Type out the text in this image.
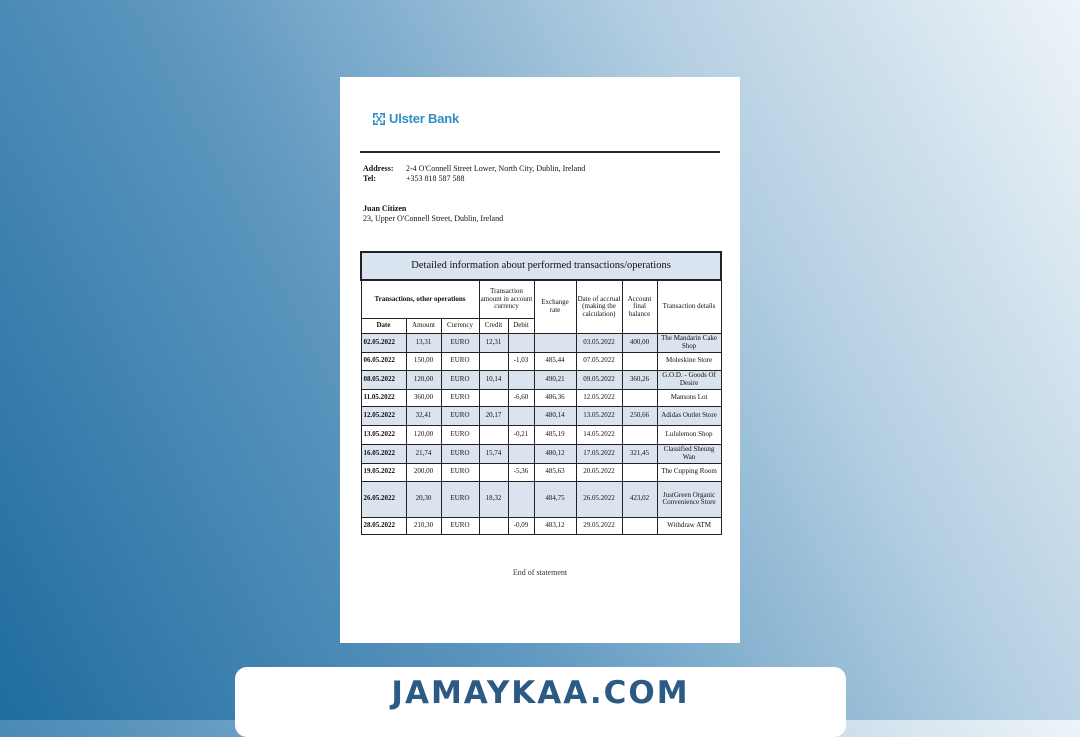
Ulster Bank
Address:	2-4 O'Connell Street Lower, North City, Dublin, Ireland
Tel:	+353 818 587 588
Juan Citizen
23, Upper O'Connell Street, Dublin, Ireland
Detailed information about performed transactions/operations								
Transactions, other operations			Transaction amount in account currency		Exchange rate	Date of accrual (making the calculation)	Account final balance	Transaction details
Date	Amount	Currency	Credit	Debit				
02.05.2022	13,31	EURO	12,31			03.05.2022	400,00	The Mandarin Cake Shop
06.05.2022	150,00	EURO		-1,03	485,44	07.05.2022		Moleskine Store
08.05.2022	120,00	EURO	10,14		490,21	09.05.2022	360,26	G.O.D. - Goods Of Desire
11.05.2022	360,00	EURO		-6,60	486,36	12.05.2022		Mansons Lot
12.05.2022	32,41	EURO	20,17		480,14	13.05.2022	250,66	Adidas Outlet Store
13.05.2022	120,00	EURO		-0,21	485,19	14.05.2022		Lululemon Shop
16.05.2022	21,74	EURO	15,74		480,12	17.05.2022	321,45	Classified Sheung Wan
19.05.2022	200,00	EURO		-5,36	485,63	20.05.2022		The Cupping Room
26.05.2022	20,30	EURO	18,32		484,75	26.05.2022	423,02	JustGreen Organic Convenience Store
28.05.2022	210,30	EURO		-0,09	483,12	29.05.2022		Withdraw ATM
End of statement
JAMAYKAA.COM
